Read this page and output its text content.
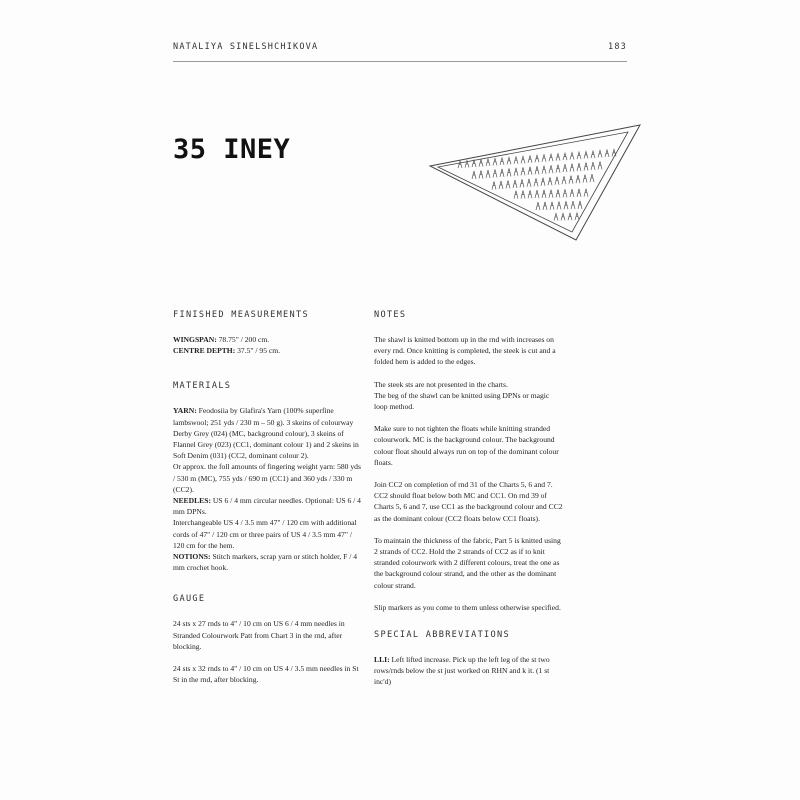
NATALIYA SINELSHCHIKOVA	183
35 INEY
FINISHED MEASUREMENTS
WINGSPAN: 78.75" / 200 cm.
CENTRE DEPTH: 37.5" / 95 cm.
MATERIALS
YARN: Feodosiia by Glafira's Yarn (100% superfine lambswool; 251 yds / 230 m – 50 g). 3 skeins of colourway Derby Grey (024) (MC, background colour), 3 skeins of Flannel Grey (023) (CC1, dominant colour 1) and 2 skeins in Soft Denim (031) (CC2, dominant colour 2).
Or approx. the foll amounts of fingering weight yarn: 580 yds / 530 m (MC), 755 yds / 690 m (CC1) and 360 yds / 330 m (CC2).
NEEDLES: US 6 / 4 mm circular needles. Optional: US 6 / 4 mm DPNs.
Interchangeable US 4 / 3.5 mm 47" / 120 cm with additional cords of 47" / 120 cm or three pairs of US 4 / 3.5 mm 47" / 120 cm for the hem.
NOTIONS: Stitch markers, scrap yarn or stitch holder, F / 4 mm crochet hook.
GAUGE
24 sts x 27 rnds to 4" / 10 cm on US 6 / 4 mm needles in Stranded Colourwork Patt from Chart 3 in the rnd, after blocking.
24 sts x 32 rnds to 4" / 10 cm on US 4 / 3.5 mm needles in St St in the rnd, after blocking.
NOTES
The shawl is knitted bottom up in the rnd with increases on every rnd. Once knitting is completed, the steek is cut and a folded hem is added to the edges.
The steek sts are not presented in the charts.
The beg of the shawl can be knitted using DPNs or magic loop method.
Make sure to not tighten the floats while knitting stranded colourwork. MC is the background colour. The background colour float should always run on top of the dominant colour floats.
Join CC2 on completion of rnd 31 of the Charts 5, 6 and 7. CC2 should float below both MC and CC1. On rnd 39 of Charts 5, 6 and 7, use CC1 as the background colour and CC2 as the dominant colour (CC2 floats below CC1 floats).
To maintain the thickness of the fabric, Part 5 is knitted using 2 strands of CC2. Hold the 2 strands of CC2 as if to knit stranded colourwork with 2 different colours, treat the one as the background colour strand, and the other as the dominant colour strand.
Slip markers as you come to them unless otherwise specified.
SPECIAL ABBREVIATIONS
LLI: Left lifted increase. Pick up the left leg of the st two rows/rnds below the st just worked on RHN and k it. (1 st inc'd)
